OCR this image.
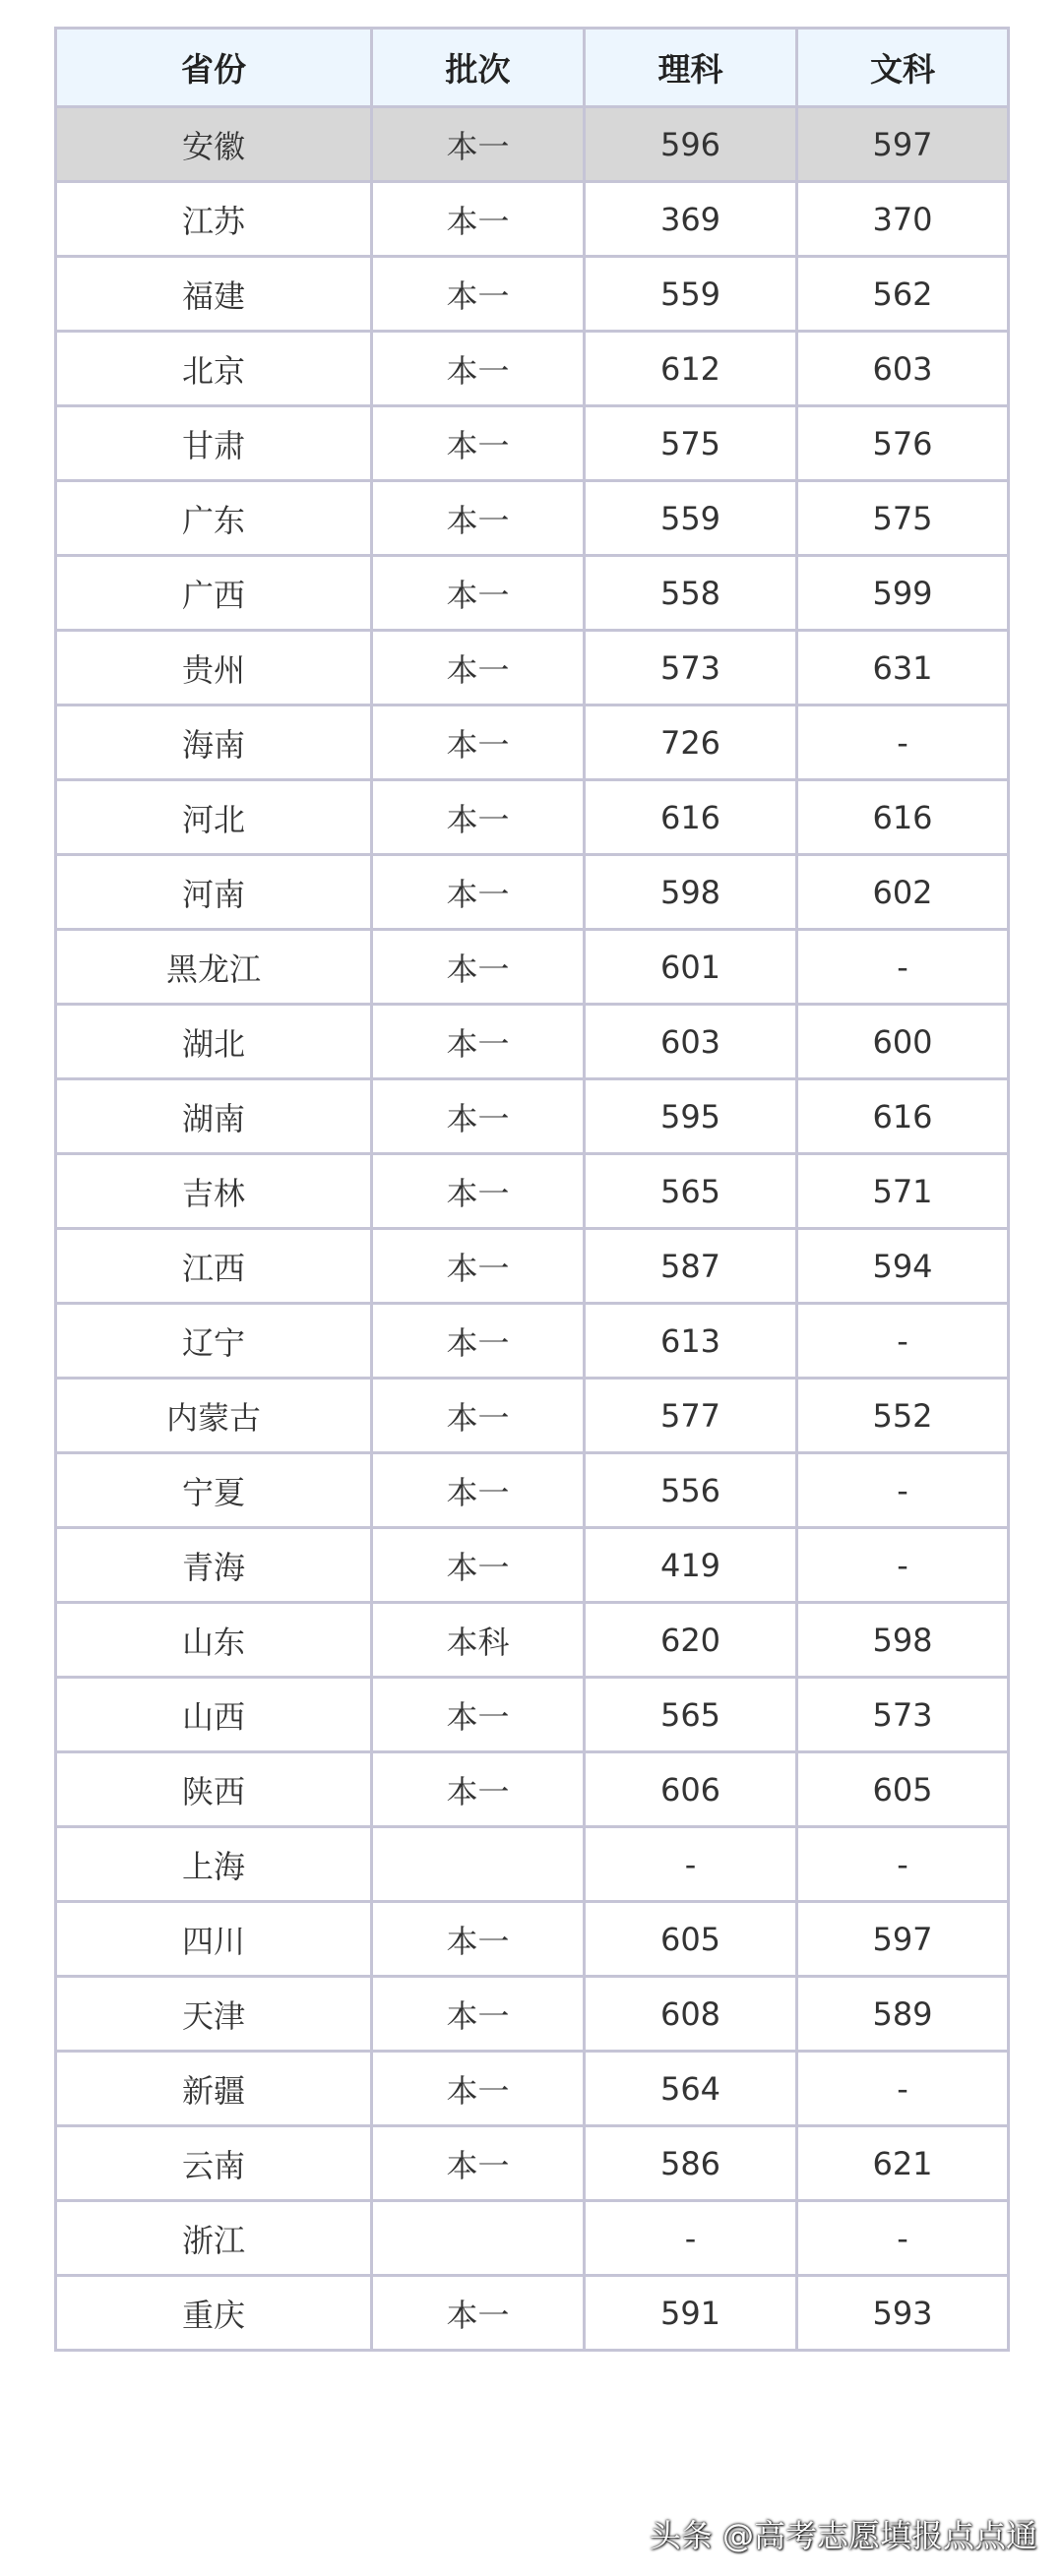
省份	批次	理科	文科
安徽	本一	596	597
江苏	本一	369	370
福建	本一	559	562
北京	本一	612	603
甘肃	本一	575	576
广东	本一	559	575
广西	本一	558	599
贵州	本一	573	631
海南	本一	726	-
河北	本一	616	616
河南	本一	598	602
黑龙江	本一	601	-
湖北	本一	603	600
湖南	本一	595	616
吉林	本一	565	571
江西	本一	587	594
辽宁	本一	613	-
内蒙古	本一	577	552
宁夏	本一	556	-
青海	本一	419	-
山东	本科	620	598
山西	本一	565	573
陕西	本一	606	605
上海		-	-
四川	本一	605	597
天津	本一	608	589
新疆	本一	564	-
云南	本一	586	621
浙江		-	-
重庆	本一	591	593
头条 @高考志愿填报点点通
